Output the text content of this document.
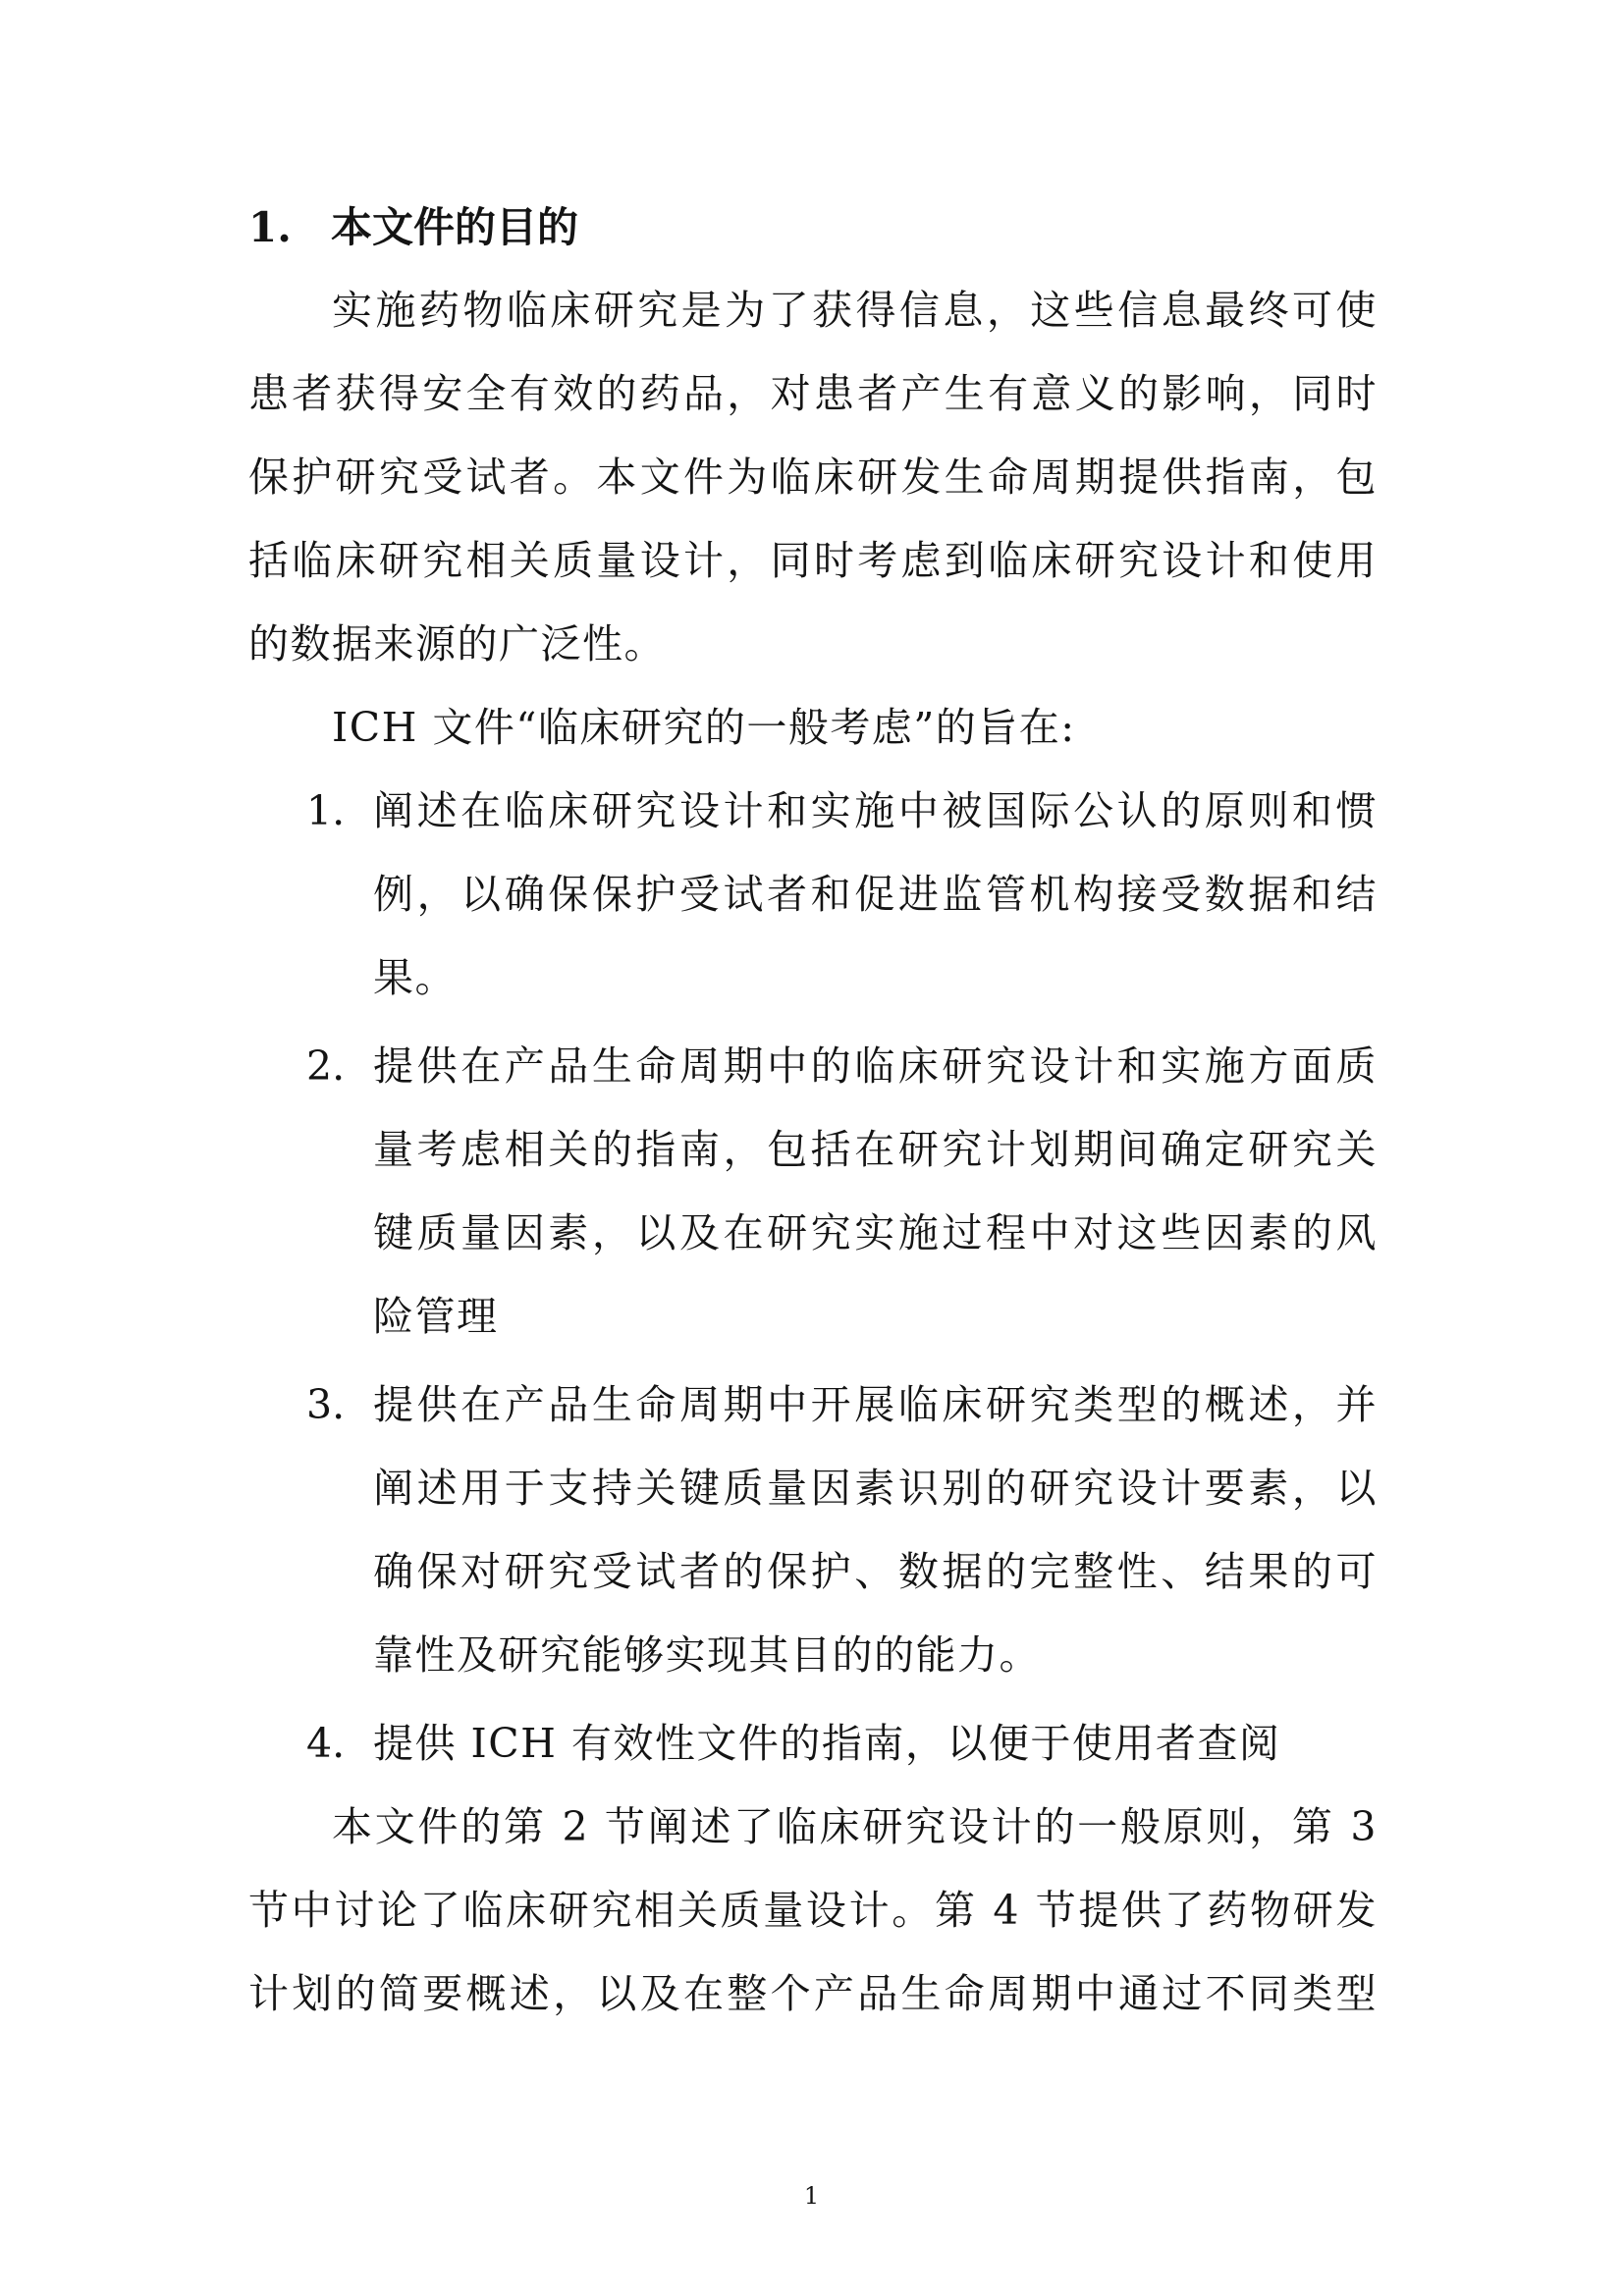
1. 本文件的目的
实施药物临床研究是为了获得信息，这些信息最终可使
患者获得安全有效的药品，对患者产生有意义的影响，同时
保护研究受试者。本文件为临床研发生命周期提供指南，包
括临床研究相关质量设计，同时考虑到临床研究设计和使用
的数据来源的广泛性。
ICH 文件“临床研究的一般考虑”的旨在:
1. 阐述在临床研究设计和实施中被国际公认的原则和惯
例，以确保保护受试者和促进监管机构接受数据和结
果。
2. 提供在产品生命周期中的临床研究设计和实施方面质
量考虑相关的指南，包括在研究计划期间确定研究关
键质量因素，以及在研究实施过程中对这些因素的风
险管理
3. 提供在产品生命周期中开展临床研究类型的概述，并
阐述用于支持关键质量因素识别的研究设计要素，以
确保对研究受试者的保护、数据的完整性、结果的可
靠性及研究能够实现其目的的能力。
4. 提供 ICH 有效性文件的指南，以便于使用者查阅
本文件的第 2 节阐述了临床研究设计的一般原则，第 3
节中讨论了临床研究相关质量设计。第 4 节提供了药物研发
计划的简要概述，以及在整个产品生命周期中通过不同类型
1
